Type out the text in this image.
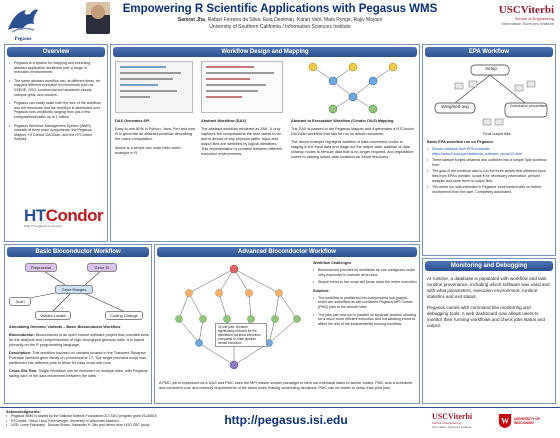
Pegasus
Empowering R Scientific Applications with Pegasus WMS
Samrat Jha, Rafael Ferreira da Silva, Ewa Deelman, Karan Vahi, Mats Rynge, Rajiv Mayani
University of Southern California / Information Sciences Institute
USCViterbi
School of Engineering
Information Sciences Institute
Overview
• Pegasus is a system for mapping and executing abstract application workflows over a range of execution environments.
• The same abstract workflow can, at different times, be mapped different execution environments such as XSEDE, OSG, commercial and academic clouds, campus grids, and clusters.
• Pegasus can easily scale both the size of the workflow, and the resources that the workflow is distributed over. Pegasus runs workflows ranging from just a few computational tasks up to 1 million.
• Pegasus Workflow Management System (WMS) consists of three main components: the Pegasus Mapper, HTCondor DAGMan, and the HTCondor Schedd.
HTCondor
High Throughput Computing
Workflow Design and Mapping
DAX Generator API
Easy to use APIs in Python, Java, Perl and now R to generate an abstract workflow describing the users computation.
Above is a simple two node hello world example in R
Abstract Workflow (DAX)
The abstract workflow rendered as XML. It only captures the computations the user wants to do and is devoid of any physical paths. Input and output files are identified by logical identifiers. This representation is portable between different execution environments.
Abstract to Executable Workflow (Condor DAG) Mapping
The DAX is passed to the Pegasus Mapper and it generates a HTCondor DAGMan workflow that can be run on actual resources.
The above example highlights addition of data movement nodes to staging in the input data and stage out the output data; addition of data cleanup nodes to remove data that is no longer required, and registration nodes to catalog output data locations for future discovery.
EPA Workflow
Setup
Weighted avg	Cumulative percentiles
Final output files
Basic EPA workflow run on Pegasus:
• Scripts obtained from EPA's website. https://www3.epa.gov/caddis/da_software_rscript12.html
• Three sample scripts obtained and collected into a simple Split workflow form.
• The goal of the workflow was to run the three scripts that obtained input files from EPA's website, scope it for necessary information, perform analysis and store them in output files.
• The entire run was executed in Pegasus' environment with no further involvement from the user. Completely automated.
Basic Bioconductor Workflow
Preprocess	Gene ID
Gene Ranges
Scan
Variant Locate	Coding Change
Annotating Genomic Variants – Basic Bioconductor Workflow
Bioconductor: Bioconductor is an open source software project that provides tools for the analysis and comprehension of high-throughput genomic data. It is based primarily on the R programming language.
Description: This workflow focused on variants located in the Transient Receptor Potential Vanilloid gene family on chromosome 17. The single provided script was partitioned into different jobs to allow for easy cross site runs.
Cross Site Run: Single Workflow can be executed on multiple sites, with Pegasus taking care of the data movement between the sites.
Advanced Bioconductor Workflow
24 site jobs. Runtime significantly reduced for the distributed workflow execution compared to initial pipeline format execution
Workflow Challenges
• Bioconductor provides its workflows as one contiguous script. Very expensive to execute all at once.
• Simple errors in the script will break down the entire execution
Solution:
• The workflow is partitioned into independent sub graphs, which are submitted as self-contained Pegasus MPI Cluster (PMC) jobs to the remote sites.
• The jobs can now run in parallel on separate clusters allowing for a much more efficient execution and not allowing errors to affect the rest of the independently running workflow.
A PMC job is expressed as a DAG and PMC uses the MPI master-worker paradigm to farm out individual tasks to worker nodes. PMC acts a scheduler and considers core and memory requirements of the tasks when making scheduling decisions; PMC can be easier to setup than pilot jobs.
Monitoring and Debugging
At runtime, a database is populated with workflow and task runtime provenance, including which software was used and with what parameters, execution environment, runtime statistics and exit status.
Pegasus comes with command line monitoring and debugging tools. A web dashboard now allows users to monitor their running workflows and check jobs status and output.
Acknowledgments:
• Pegasus WMS is funded by the National Science Foundation OCI SDCI program grant #1148515
• HTCondor : Miron Livny, Kent Wenger, University of Wisconsin Madison
• USD: Lorne Pekowsky , Duncan Brown, Alexander H. Nitz and others from LIGO CBC group	http://pegasus.isi.edu	USCViterbi
School of Engineering
Information Sciences Institute
W UNIVERSITY OF WISCONSIN
